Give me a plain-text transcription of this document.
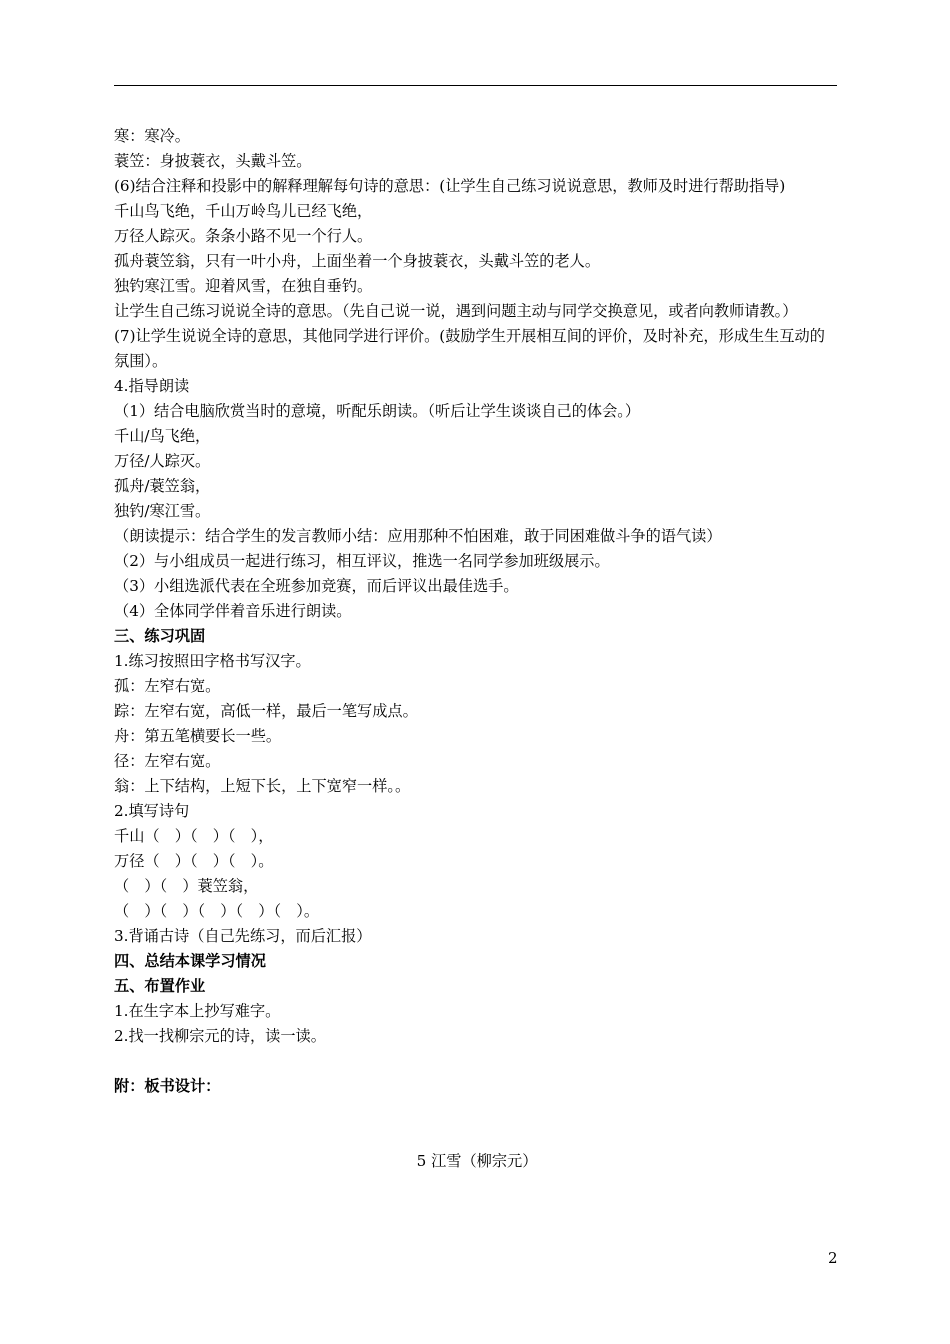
寒：寒冷。
蓑笠：身披蓑衣，头戴斗笠。
(6)结合注释和投影中的解释理解每句诗的意思：(让学生自己练习说说意思，教师及时进行帮助指导)
千山鸟飞绝，千山万岭鸟儿已经飞绝，
万径人踪灭。条条小路不见一个行人。
孤舟蓑笠翁，只有一叶小舟，上面坐着一个身披蓑衣，头戴斗笠的老人。
独钓寒江雪。迎着风雪，在独自垂钓。
让学生自己练习说说全诗的意思。（先自己说一说，遇到问题主动与同学交换意见，或者向教师请教。）
(7)让学生说说全诗的意思，其他同学进行评价。(鼓励学生开展相互间的评价，及时补充，形成生生互动的氛围）。
4.指导朗读
（1）结合电脑欣赏当时的意境，听配乐朗读。（听后让学生谈谈自己的体会。）
千山/鸟飞绝，
万径/人踪灭。
孤舟/蓑笠翁，
独钓/寒江雪。
（朗读提示：结合学生的发言教师小结：应用那种不怕困难，敢于同困难做斗争的语气读）
（2）与小组成员一起进行练习，相互评议，推选一名同学参加班级展示。
（3）小组选派代表在全班参加竞赛，而后评议出最佳选手。
（4）全体同学伴着音乐进行朗读。
三、练习巩固
1.练习按照田字格书写汉字。
孤：左窄右宽。
踪：左窄右宽，高低一样，最后一笔写成点。
舟：第五笔横要长一些。
径：左窄右宽。
翁：上下结构，上短下长，上下宽窄一样。。
2.填写诗句
千山（　）（　）（　），
万径（　）（　）（　）。
（　）（　）蓑笠翁，
（　）（　）（　）（　）（　）。
3.背诵古诗（自己先练习，而后汇报）
四、总结本课学习情况
五、布置作业
1.在生字本上抄写难字。
2.找一找柳宗元的诗，读一读。
附：板书设计：
5 江雪（柳宗元）
2
